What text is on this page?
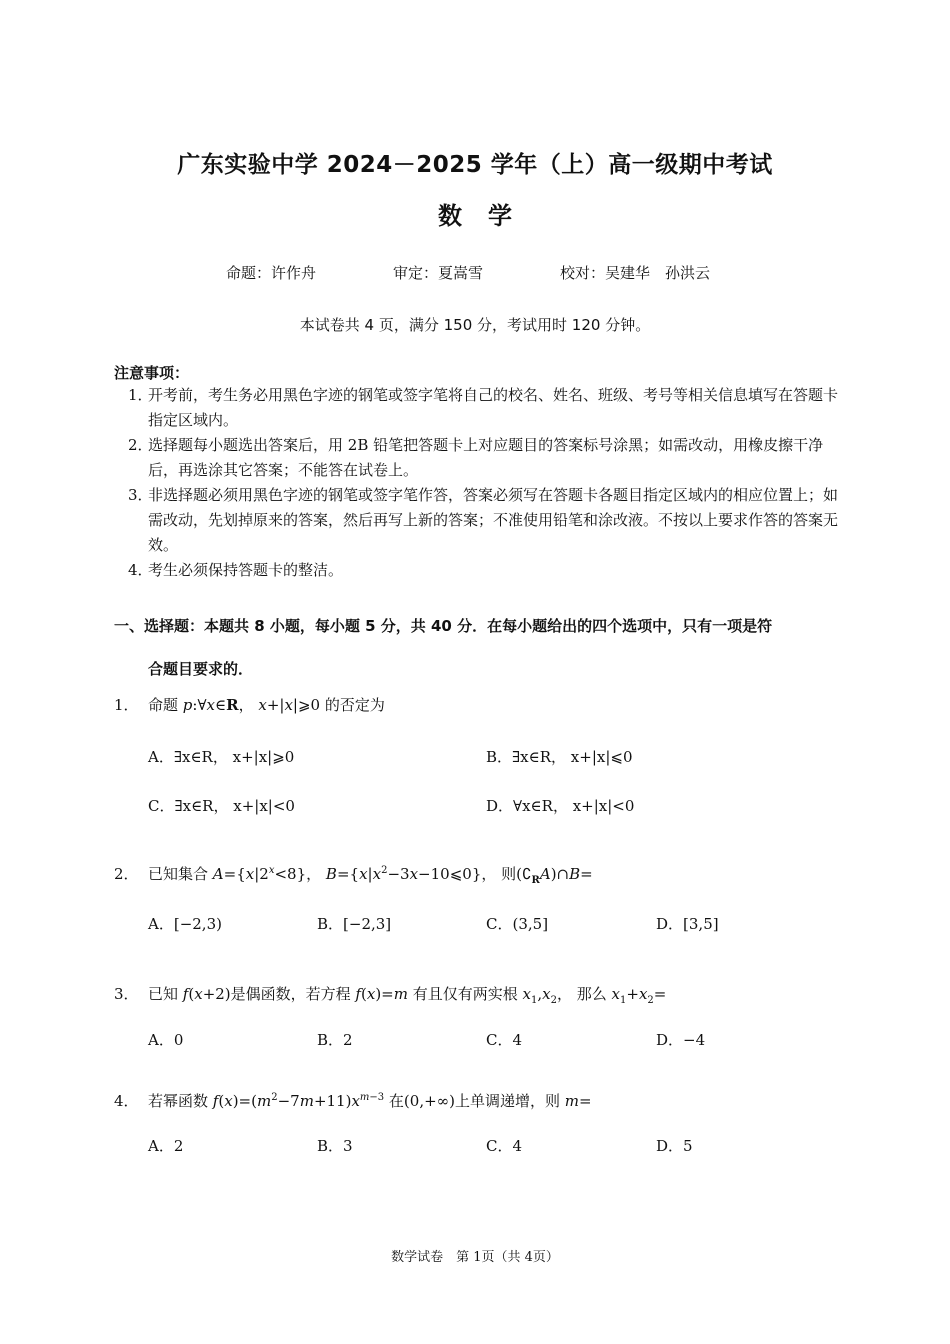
广东实验中学 2024－2025 学年（上）高一级期中考试
数 学
命题：许作舟	审定：夏嵩雪	校对：吴建华　孙洪云
本试卷共 4 页，满分 150 分，考试用时 120 分钟。
注意事项：
1．
开考前，考生务必用黑色字迹的钢笔或签字笔将自己的校名、姓名、班级、考号等相关信息填写在答题卡指定区域内。
2．
选择题每小题选出答案后，用 2B 铅笔把答题卡上对应题目的答案标号涂黑；如需改动，用橡皮擦干净后，再选涂其它答案；不能答在试卷上。
3．
非选择题必须用黑色字迹的钢笔或签字笔作答，答案必须写在答题卡各题目指定区域内的相应位置上；如需改动，先划掉原来的答案，然后再写上新的答案；不准使用铅笔和涂改液。不按以上要求作答的答案无效。
4．
考生必须保持答题卡的整洁。
一、选择题：本题共 8 小题，每小题 5 分，共 40 分．在每小题给出的四个选项中，只有一项是符
合题目要求的．
1． 命题 p:∀x∈R， x+|x|⩾0 的否定为
A．∃x∈R， x+|x|⩾0	B．∃x∈R， x+|x|⩽0
C．∃x∈R， x+|x|<0	D．∀x∈R， x+|x|<0
2． 已知集合 $A=\{x|2^x<8\}$， $B=\{x|x^2-3x-10⩽0\}$， 则$(∁_RA)\cap B=$
A．[−2,3)	B．[−2,3]	C．(3,5]	D．[3,5]
3． 已知 f(x+2)是偶函数，若方程 f(x)=m 有且仅有两实根 $x_1,x_2$， 那么 $x_1+x_2=$
A．0	B．2	C．4	D．−4
4． 若幂函数 $f(x)=(m^2-7m+11)x^{m-3}$ 在(0,+∞)上单调递增，则 m=
A．2	B．3	C．4	D．5
数学试卷　第 1页（共 4页）
